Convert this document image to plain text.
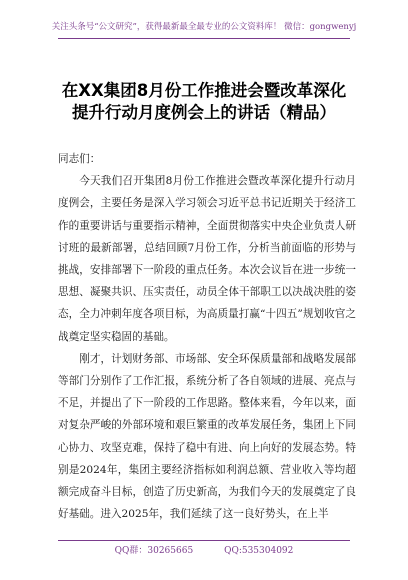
关注头条号“公文研究”，获得最新最全最专业的公文资料库！ 微信：gongwenyj
在XX集团8月份工作推进会暨改革深化
提升行动月度例会上的讲话（精品）

同志们：

今天我们召开集团8月份工作推进会暨改革深化提升行动月度例会，主要任务是深入学习领会习近平总书记近期关于经济工作的重要讲话与重要指示精神，全面贯彻落实中央企业负责人研讨班的最新部署，总结回顾7月份工作，分析当前面临的形势与挑战，安排部署下一阶段的重点任务。本次会议旨在进一步统一思想、凝聚共识、压实责任，动员全体干部职工以决战决胜的姿态，全力冲刺年度各项目标，为高质量打赢“十四五”规划收官之战奠定坚实稳固的基础。

刚才，计划财务部、市场部、安全环保质量部和战略发展部等部门分别作了工作汇报，系统分析了各自领域的进展、亮点与不足，并提出了下一阶段的工作思路。整体来看，今年以来，面对复杂严峻的外部环境和艰巨繁重的改革发展任务，集团上下同心协力、攻坚克难，保持了稳中有进、向上向好的发展态势。特别是2024年，集团主要经济指标如利润总额、营业收入等均超额完成奋斗目标，创造了历史新高，为我们今天的发展奠定了良好基础。进入2025年，我们延续了这一良好势头，在上半

QQ群：30265665	QQ:535304092
